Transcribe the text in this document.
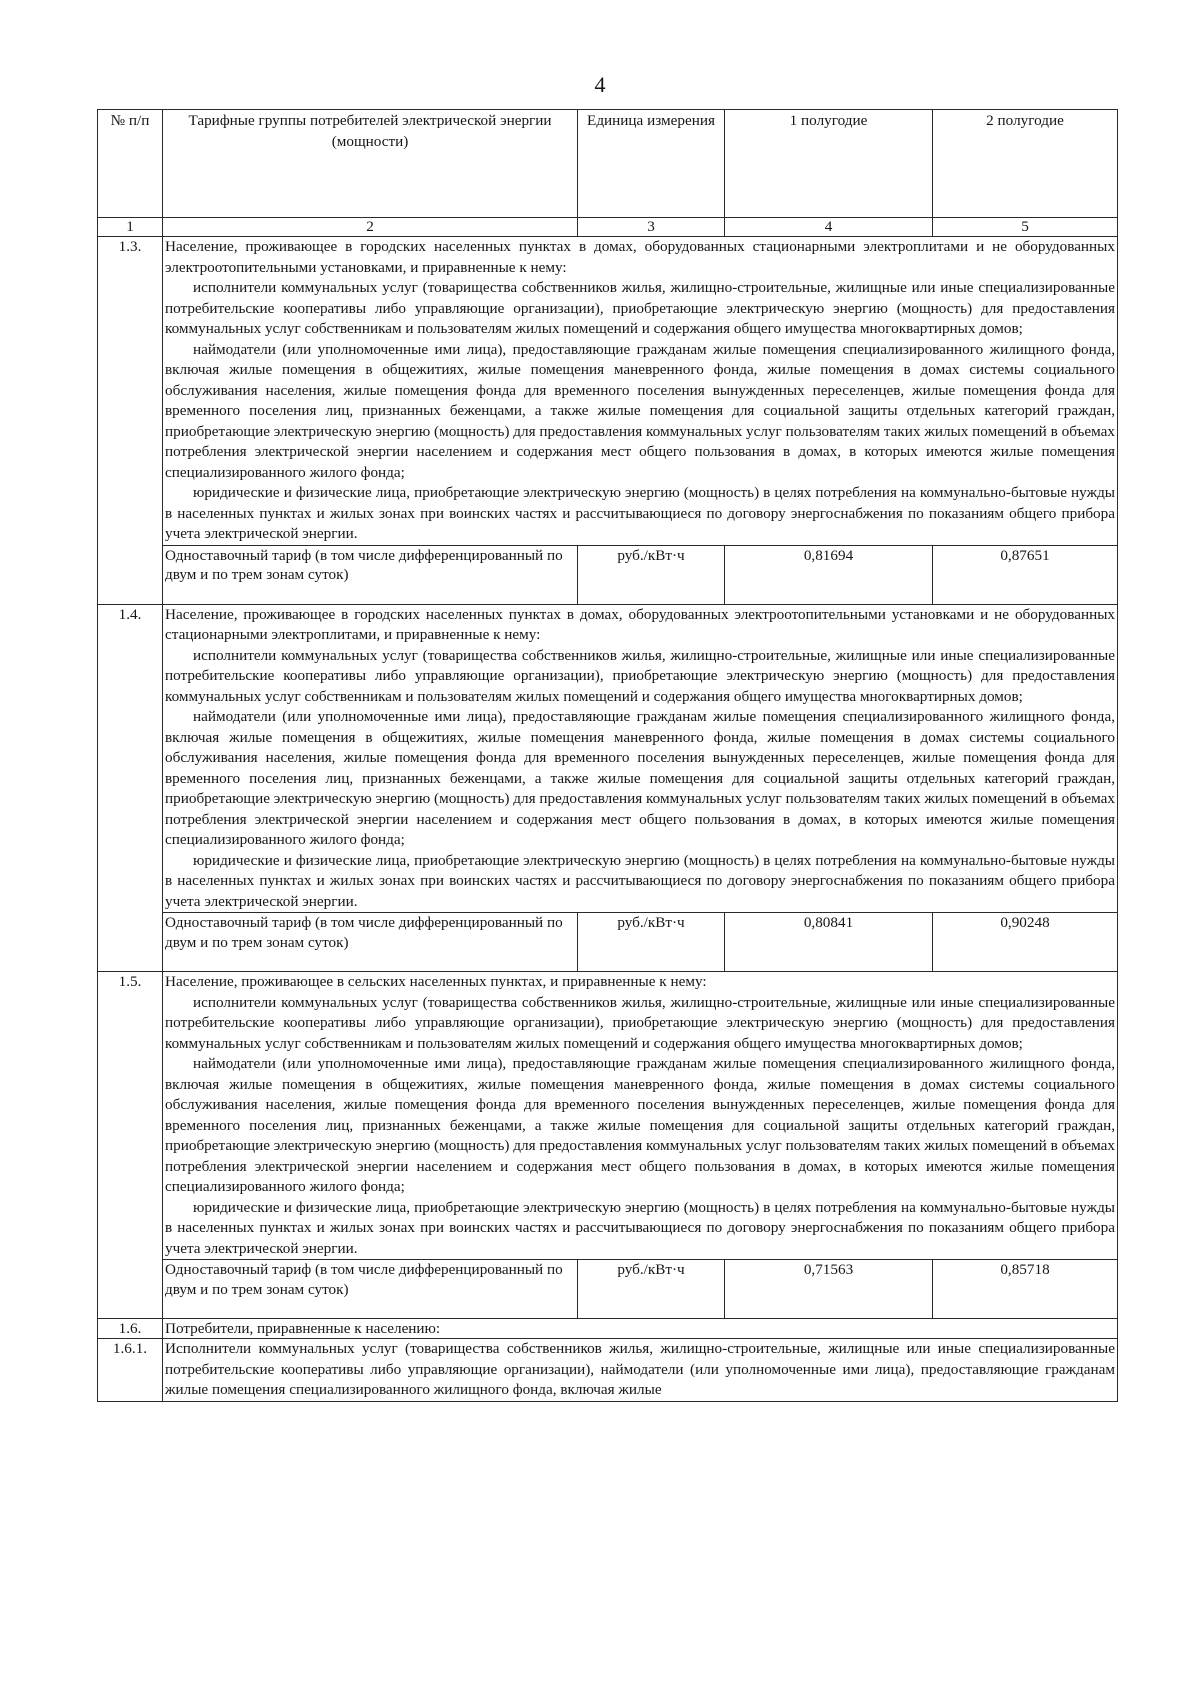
4
№ п/п	Тарифные группы потребителей электрической энергии (мощности)	Единица измерения	1 полугодие	2 полугодие
1	2	3	4	5
1.3.	Население, проживающее в городских населенных пунктах в домах, оборудованных стационарными электроплитами и не оборудованных электроотопительными установками, и приравненные к нему:
исполнители коммунальных услуг (товарищества собственников жилья, жилищно-строительные, жилищные или иные специализированные потребительские кооперативы либо управляющие организации), приобретающие электрическую энергию (мощность) для предоставления коммунальных услуг собственникам и пользователям жилых помещений и содержания общего имущества многоквартирных домов;
наймодатели (или уполномоченные ими лица), предоставляющие гражданам жилые помещения специализированного жилищного фонда, включая жилые помещения в общежитиях, жилые помещения маневренного фонда, жилые помещения в домах системы социального обслуживания населения, жилые помещения фонда для временного поселения вынужденных переселенцев, жилые помещения фонда для временного поселения лиц, признанных беженцами, а также жилые помещения для социальной защиты отдельных категорий граждан, приобретающие электрическую энергию (мощность) для предоставления коммунальных услуг пользователям таких жилых помещений в объемах потребления электрической энергии населением и содержания мест общего пользования в домах, в которых имеются жилые помещения специализированного жилого фонда;
юридические и физические лица, приобретающие электрическую энергию (мощность) в целях потребления на коммунально-бытовые нужды в населенных пунктах и жилых зонах при воинских частях и рассчитывающиеся по договору энергоснабжения по показаниям общего прибора учета электрической энергии.			

	Одноставочный тариф (в том числе дифференцированный по двум и по трем зонам суток)	руб./кВт·ч	0,81694	0,87651
1.4.	Население, проживающее в городских населенных пунктах в домах, оборудованных электроотопительными установками и не оборудованных стационарными электроплитами, и приравненные к нему:
исполнители коммунальных услуг (товарищества собственников жилья, жилищно-строительные, жилищные или иные специализированные потребительские кооперативы либо управляющие организации), приобретающие электрическую энергию (мощность) для предоставления коммунальных услуг собственникам и пользователям жилых помещений и содержания общего имущества многоквартирных домов;
наймодатели (или уполномоченные ими лица), предоставляющие гражданам жилые помещения специализированного жилищного фонда, включая жилые помещения в общежитиях, жилые помещения маневренного фонда, жилые помещения в домах системы социального обслуживания населения, жилые помещения фонда для временного поселения вынужденных переселенцев, жилые помещения фонда для временного поселения лиц, признанных беженцами, а также жилые помещения для социальной защиты отдельных категорий граждан, приобретающие электрическую энергию (мощность) для предоставления коммунальных услуг пользователям таких жилых помещений в объемах потребления электрической энергии населением и содержания мест общего пользования в домах, в которых имеются жилые помещения специализированного жилого фонда;
юридические и физические лица, приобретающие электрическую энергию (мощность) в целях потребления на коммунально-бытовые нужды в населенных пунктах и жилых зонах при воинских частях и рассчитывающиеся по договору энергоснабжения по показаниям общего прибора учета электрической энергии.			

	Одноставочный тариф (в том числе дифференцированный по двум и по трем зонам суток)	руб./кВт·ч	0,80841	0,90248
1.5.	Население, проживающее в сельских населенных пунктах, и приравненные к нему:
исполнители коммунальных услуг (товарищества собственников жилья, жилищно-строительные, жилищные или иные специализированные потребительские кооперативы либо управляющие организации), приобретающие электрическую энергию (мощность) для предоставления коммунальных услуг собственникам и пользователям жилых помещений и содержания общего имущества многоквартирных домов;
наймодатели (или уполномоченные ими лица), предоставляющие гражданам жилые помещения специализированного жилищного фонда, включая жилые помещения в общежитиях, жилые помещения маневренного фонда, жилые помещения в домах системы социального обслуживания населения, жилые помещения фонда для временного поселения вынужденных переселенцев, жилые помещения фонда для временного поселения лиц, признанных беженцами, а также жилые помещения для социальной защиты отдельных категорий граждан, приобретающие электрическую энергию (мощность) для предоставления коммунальных услуг пользователям таких жилых помещений в объемах потребления электрической энергии населением и содержания мест общего пользования в домах, в которых имеются жилые помещения специализированного жилого фонда;
юридические и физические лица, приобретающие электрическую энергию (мощность) в целях потребления на коммунально-бытовые нужды в населенных пунктах и жилых зонах при воинских частях и рассчитывающиеся по договору энергоснабжения по показаниям общего прибора учета электрической энергии.			

	Одноставочный тариф (в том числе дифференцированный по двум и по трем зонам суток)	руб./кВт·ч	0,71563	0,85718
1.6.	Потребители, приравненные к населению:			
1.6.1.	Исполнители коммунальных услуг (товарищества собственников жилья, жилищно-строительные, жилищные или иные специализированные потребительские кооперативы либо управляющие организации), наймодатели (или уполномоченные ими лица), предоставляющие гражданам жилые помещения специализированного жилищного фонда, включая жилые			
